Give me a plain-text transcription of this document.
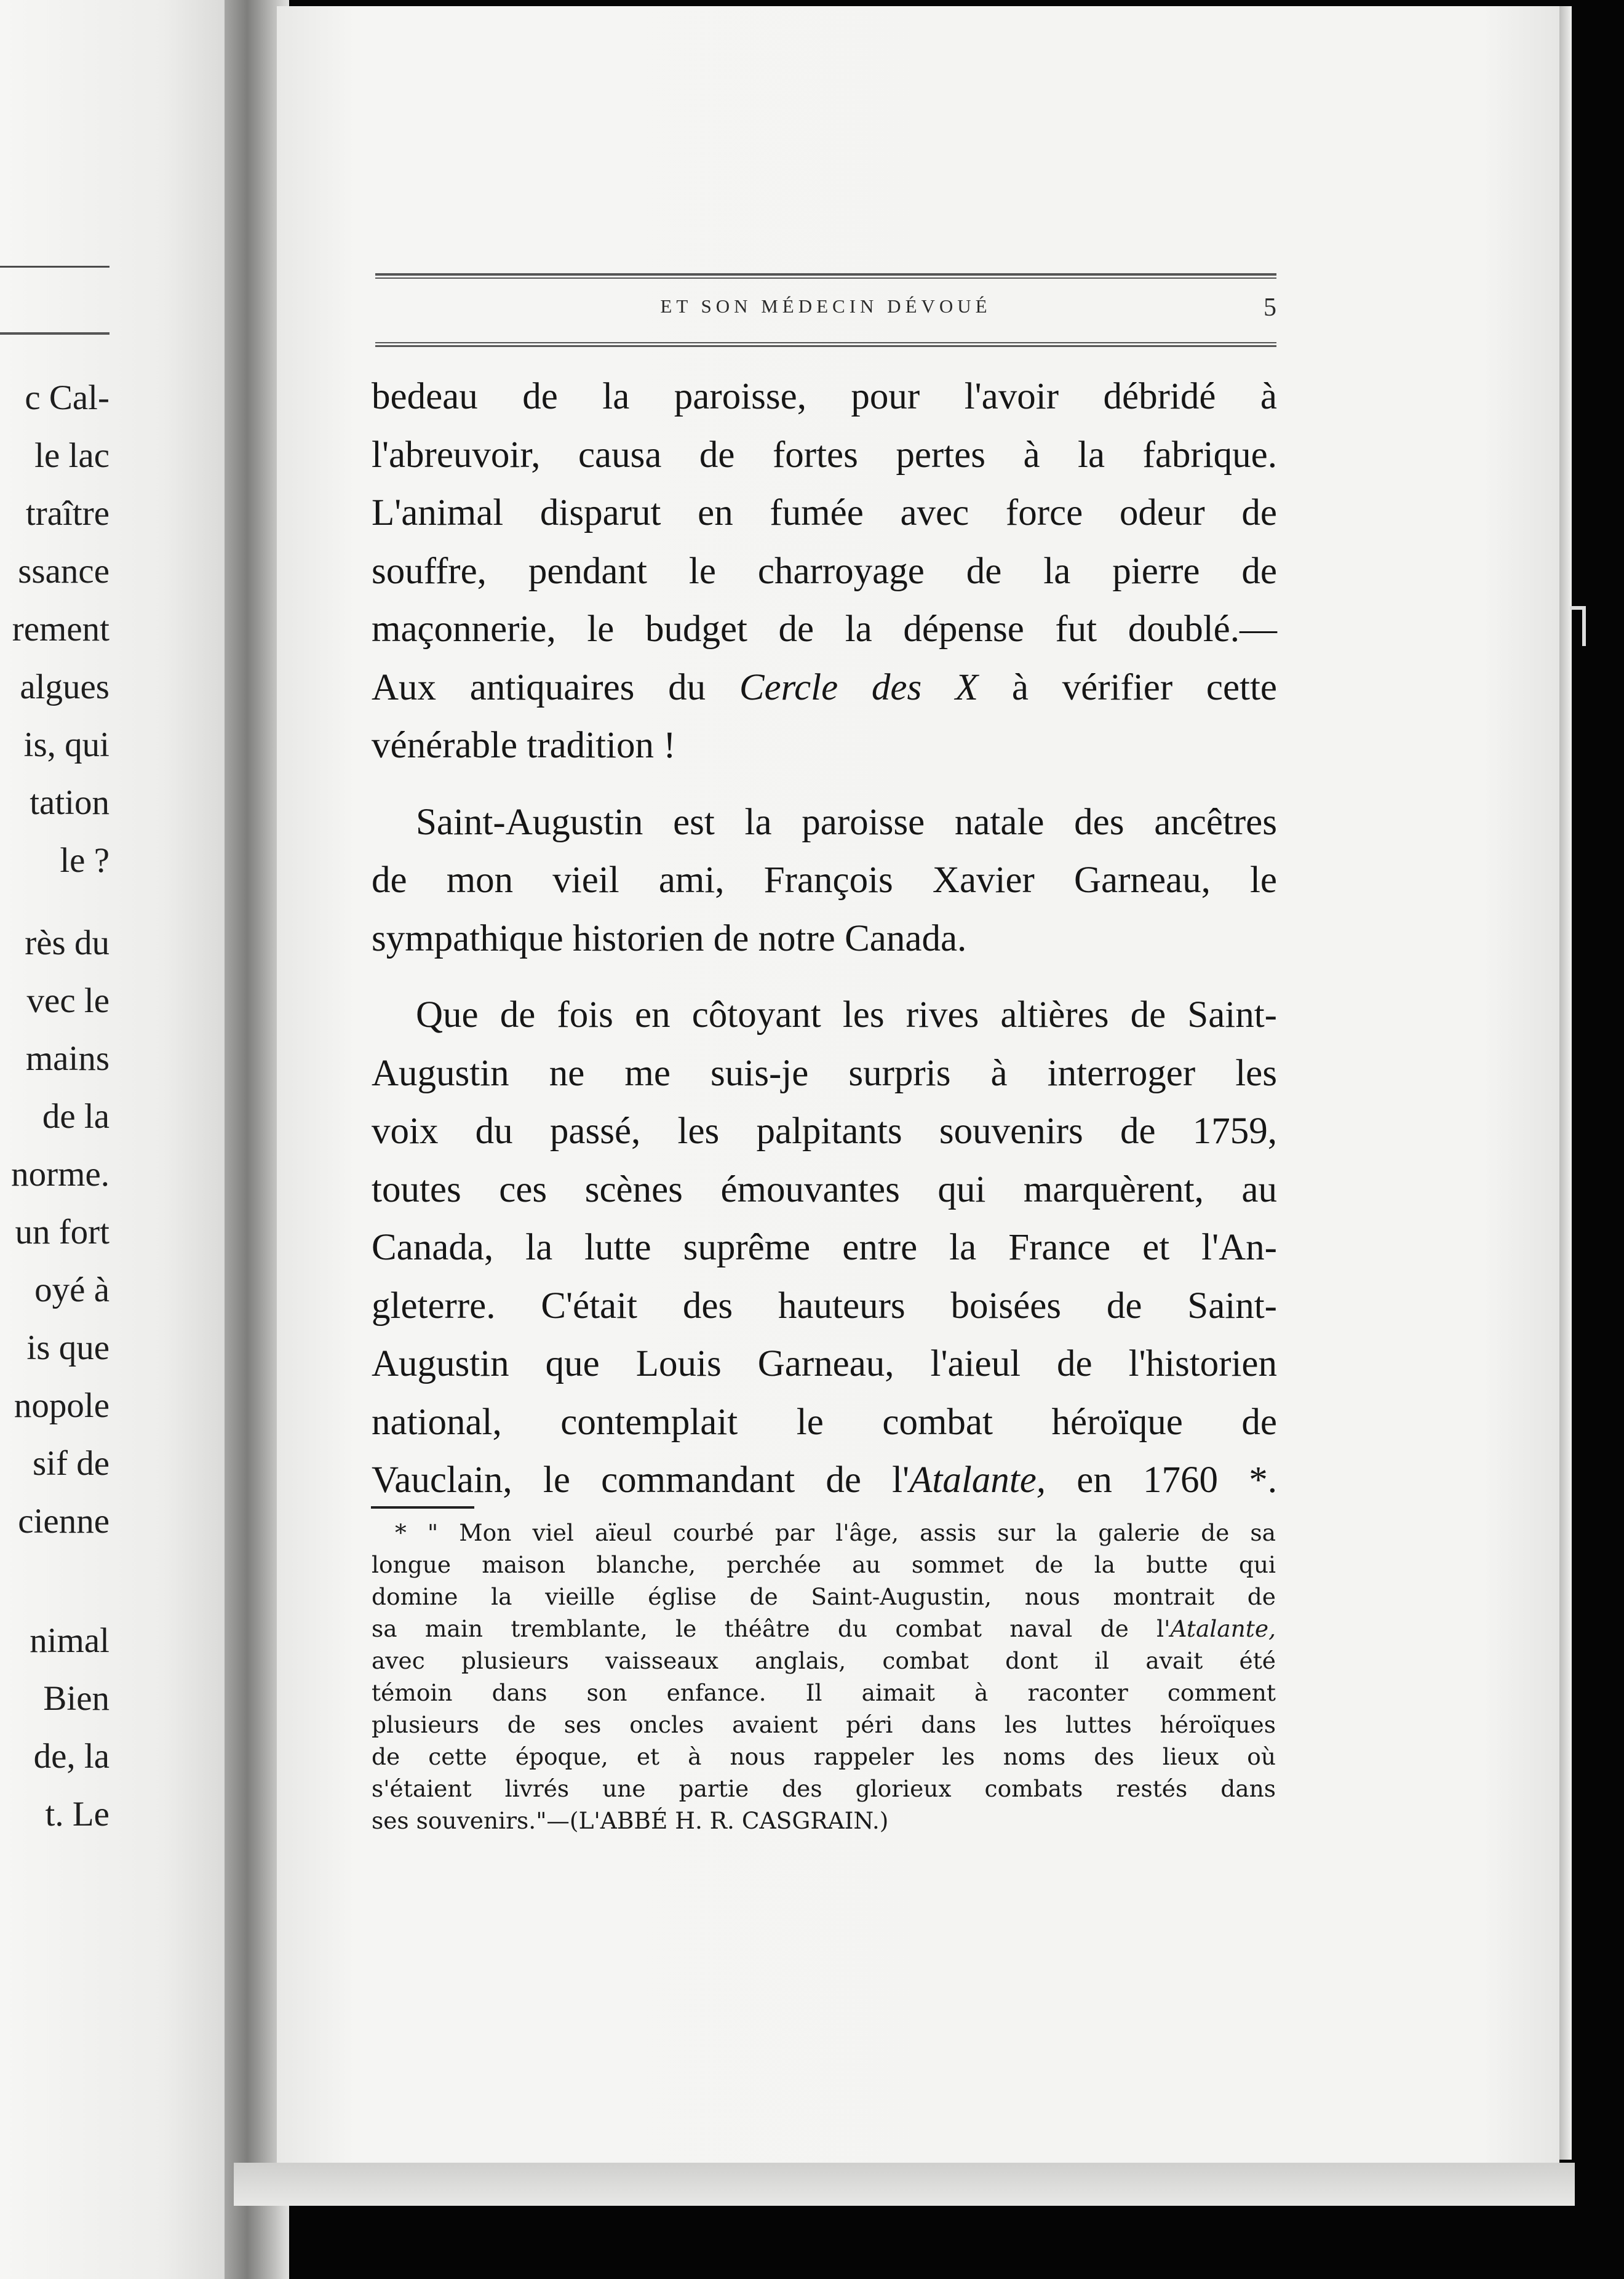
c Cal-
le lac
traître
ssance
rement
algues
is, qui
tation
le ?
rès du
vec le
mains
de la
norme.
un fort
oyé à
is que
nopole
sif de
cienne
nimal
Bien
de, la
t. Le
ET SON MÉDECIN DÉVOUÉ	5
bedeau de la paroisse, pour l'avoir débridé à
l'abreuvoir, causa de fortes pertes à la fabrique.
L'animal disparut en fumée avec force odeur de
souffre, pendant le charroyage de la pierre de
maçonnerie, le budget de la dépense fut doublé.—
Aux antiquaires du Cercle des X à vérifier cette
vénérable tradition !
Saint-Augustin est la paroisse natale des ancêtres
de mon vieil ami, François Xavier Garneau, le
sympathique historien de notre Canada.
Que de fois en côtoyant les rives altières de Saint-
Augustin ne me suis-je surpris à interroger les
voix du passé, les palpitants souvenirs de 1759,
toutes ces scènes émouvantes qui marquèrent, au
Canada, la lutte suprême entre la France et l'An-
gleterre. C'était des hauteurs boisées de Saint-
Augustin que Louis Garneau, l'aieul de l'historien
national, contemplait le combat héroïque de
Vauclain, le commandant de l'Atalante, en 1760 *.
* " Mon viel aïeul courbé par l'âge, assis sur la galerie de sa
longue maison blanche, perchée au sommet de la butte qui
domine la vieille église de Saint-Augustin, nous montrait de
sa main tremblante, le théâtre du combat naval de l'Atalante,
avec plusieurs vaisseaux anglais, combat dont il avait été
témoin dans son enfance. Il aimait à raconter comment
plusieurs de ses oncles avaient péri dans les luttes héroïques
de cette époque, et à nous rappeler les noms des lieux où
s'étaient livrés une partie des glorieux combats restés dans
ses souvenirs."—(L'ABBÉ H. R. CASGRAIN.)
